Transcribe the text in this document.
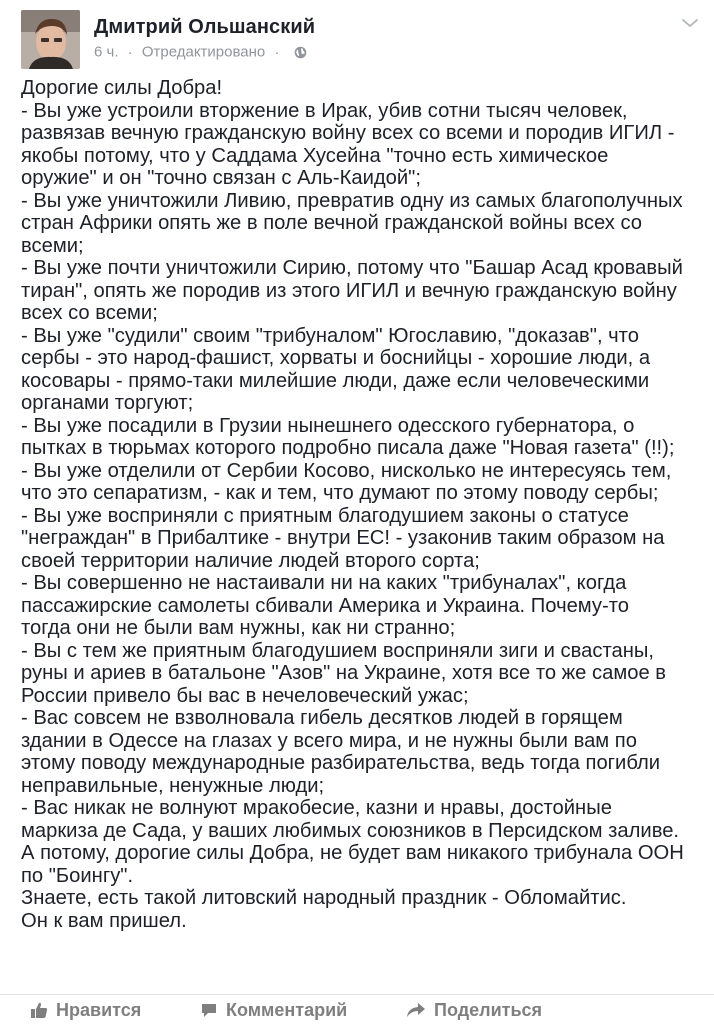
Дмитрий Ольшанский
6 ч. · Отредактировано ·
Дорогие силы Добра!
- Вы уже устроили вторжение в Ирак, убив сотни тысяч человек,
развязав вечную гражданскую войну всех со всеми и породив ИГИЛ -
якобы потому, что у Саддама Хусейна "точно есть химическое
оружие" и он "точно связан с Аль-Каидой";
- Вы уже уничтожили Ливию, превратив одну из самых благополучных
стран Африки опять же в поле вечной гражданской войны всех со
всеми;
- Вы уже почти уничтожили Сирию, потому что "Башар Асад кровавый
тиран", опять же породив из этого ИГИЛ и вечную гражданскую войну
всех со всеми;
- Вы уже "судили" своим "трибуналом" Югославию, "доказав", что
сербы - это народ-фашист, хорваты и боснийцы - хорошие люди, а
косовары - прямо-таки милейшие люди, даже если человеческими
органами торгуют;
- Вы уже посадили в Грузии нынешнего одесского губернатора, о
пытках в тюрьмах которого подробно писала даже "Новая газета" (!!);
- Вы уже отделили от Сербии Косово, нисколько не интересуясь тем,
что это сепаратизм, - как и тем, что думают по этому поводу сербы;
- Вы уже восприняли с приятным благодушием законы о статусе
"неграждан" в Прибалтике - внутри ЕС! - узаконив таким образом на
своей территории наличие людей второго сорта;
- Вы совершенно не настаивали ни на каких "трибуналах", когда
пассажирские самолеты сбивали Америка и Украина. Почему-то
тогда они не были вам нужны, как ни странно;
- Вы с тем же приятным благодушием восприняли зиги и свастаны,
руны и ариев в батальоне "Азов" на Украине, хотя все то же самое в
России привело бы вас в нечеловеческий ужас;
- Вас совсем не взволновала гибель десятков людей в горящем
здании в Одессе на глазах у всего мира, и не нужны были вам по
этому поводу международные разбирательства, ведь тогда погибли
неправильные, ненужные люди;
- Вас никак не волнуют мракобесие, казни и нравы, достойные
маркиза де Сада, у ваших любимых союзников в Персидском заливе.
А потому, дорогие силы Добра, не будет вам никакого трибунала ООН
по "Боингу".
Знаете, есть такой литовский народный праздник - Обломайтис.
Он к вам пришел.
Нравится	Комментарий	Поделиться
